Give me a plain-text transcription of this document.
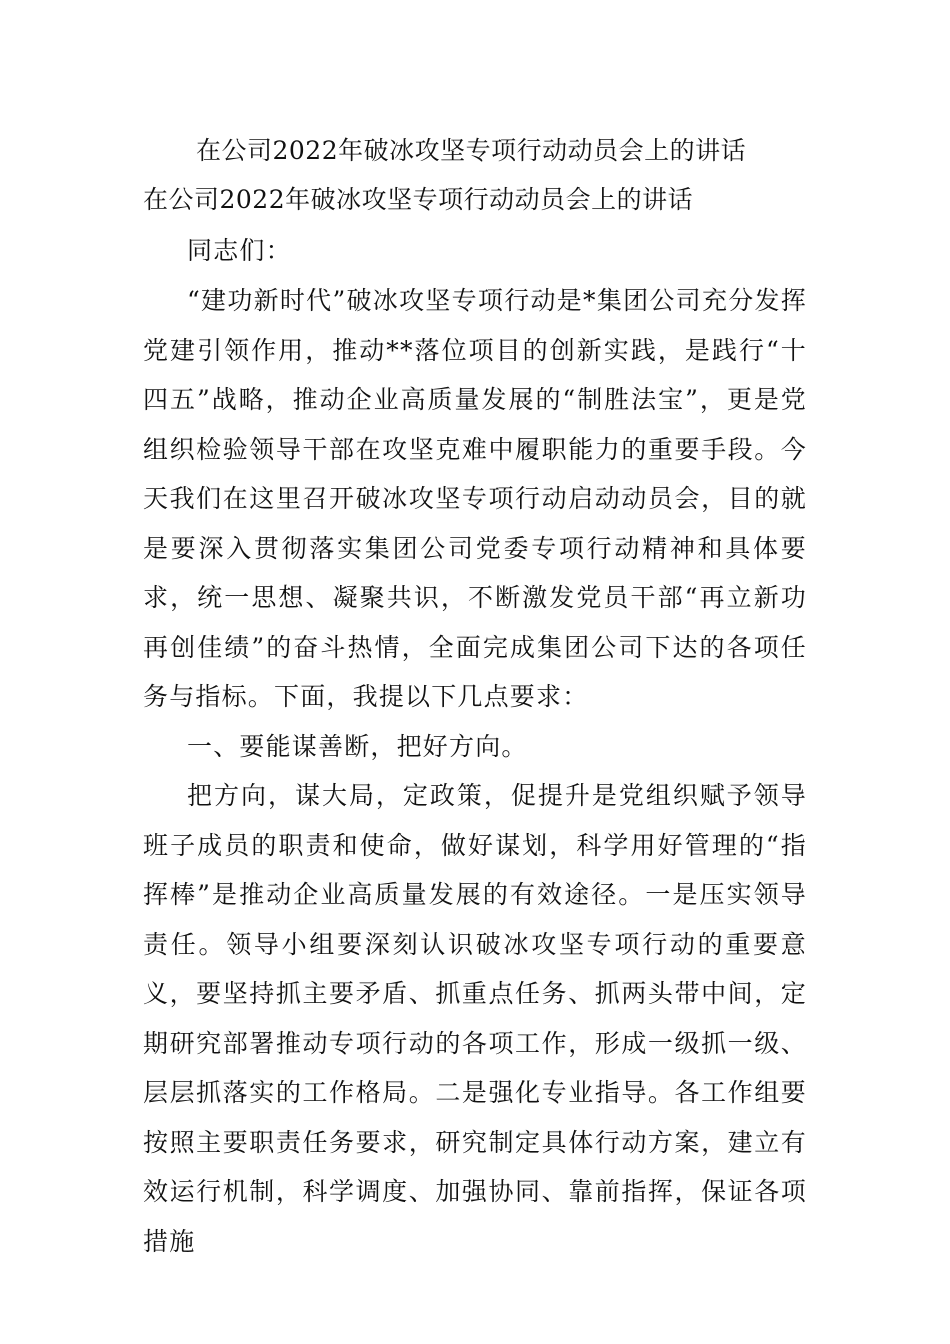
在公司2022年破冰攻坚专项行动动员会上的讲话
在公司2022年破冰攻坚专项行动动员会上的讲话

同志们：

“建功新时代”破冰攻坚专项行动是*集团公司充分发挥党建引领作用，推动**落位项目的创新实践，是践行“十四五”战略，推动企业高质量发展的“制胜法宝”，更是党组织检验领导干部在攻坚克难中履职能力的重要手段。今天我们在这里召开破冰攻坚专项行动启动动员会，目的就是要深入贯彻落实集团公司党委专项行动精神和具体要求，统一思想、凝聚共识，不断激发党员干部“再立新功再创佳绩”的奋斗热情，全面完成集团公司下达的各项任务与指标。下面，我提以下几点要求：

一、要能谋善断，把好方向。

把方向，谋大局，定政策，促提升是党组织赋予领导班子成员的职责和使命，做好谋划，科学用好管理的“指挥棒”是推动企业高质量发展的有效途径。一是压实领导责任。领导小组要深刻认识破冰攻坚专项行动的重要意义，要坚持抓主要矛盾、抓重点任务、抓两头带中间，定期研究部署推动专项行动的各项工作，形成一级抓一级、层层抓落实的工作格局。二是强化专业指导。各工作组要按照主要职责任务要求，研究制定具体行动方案，建立有效运行机制，科学调度、加强协同、靠前指挥，保证各项措施
